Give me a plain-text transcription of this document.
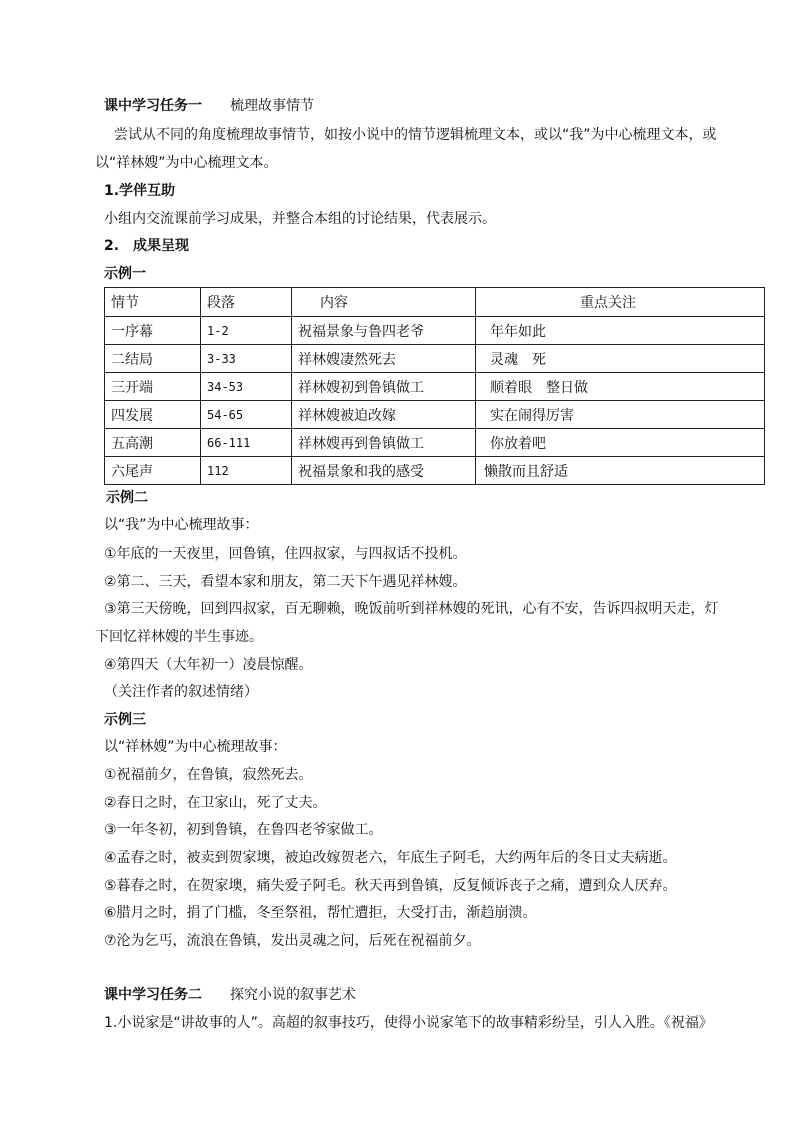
课中学习任务一 梳理故事情节
尝试从不同的角度梳理故事情节，如按小说中的情节逻辑梳理文本，或以“我”为中心梳理文本，或
以“祥林嫂”为中心梳理文本。
1.学伴互助
小组内交流课前学习成果，并整合本组的讨论结果，代表展示。
2.　成果呈现
示例一
情节	段落	内容	重点关注
一序幕	1-2	祝福景象与鲁四老爷	年年如此
二结局	3-33	祥林嫂凄然死去	灵魂　死
三开端	34-53	祥林嫂初到鲁镇做工	顺着眼　整日做
四发展	54-65	祥林嫂被迫改嫁	实在闹得厉害
五高潮	66-111	祥林嫂再到鲁镇做工	你放着吧
六尾声	112	祝福景象和我的感受	懒散而且舒适
示例二
以“我”为中心梳理故事：
①年底的一天夜里，回鲁镇，住四叔家，与四叔话不投机。
②第二、三天，看望本家和朋友，第二天下午遇见祥林嫂。
③第三天傍晚，回到四叔家，百无聊赖，晚饭前听到祥林嫂的死讯，心有不安，告诉四叔明天走，灯
下回忆祥林嫂的半生事迹。
④第四天（大年初一）凌晨惊醒。
（关注作者的叙述情绪）
示例三
以“祥林嫂”为中心梳理故事：
①祝福前夕，在鲁镇，寂然死去。
②春日之时，在卫家山，死了丈夫。
③一年冬初，初到鲁镇，在鲁四老爷家做工。
④孟春之时，被卖到贺家墺，被迫改嫁贺老六，年底生子阿毛，大约两年后的冬日丈夫病逝。
⑤暮春之时，在贺家墺，痛失爱子阿毛。秋天再到鲁镇，反复倾诉丧子之痛，遭到众人厌弃。
⑥腊月之时，捐了门槛，冬至祭祖，帮忙遭拒，大受打击，渐趋崩溃。
⑦沦为乞丐，流浪在鲁镇，发出灵魂之问，后死在祝福前夕。
课中学习任务二 探究小说的叙事艺术
1.小说家是“讲故事的人”。高超的叙事技巧，使得小说家笔下的故事精彩纷呈，引人入胜。《祝福》
